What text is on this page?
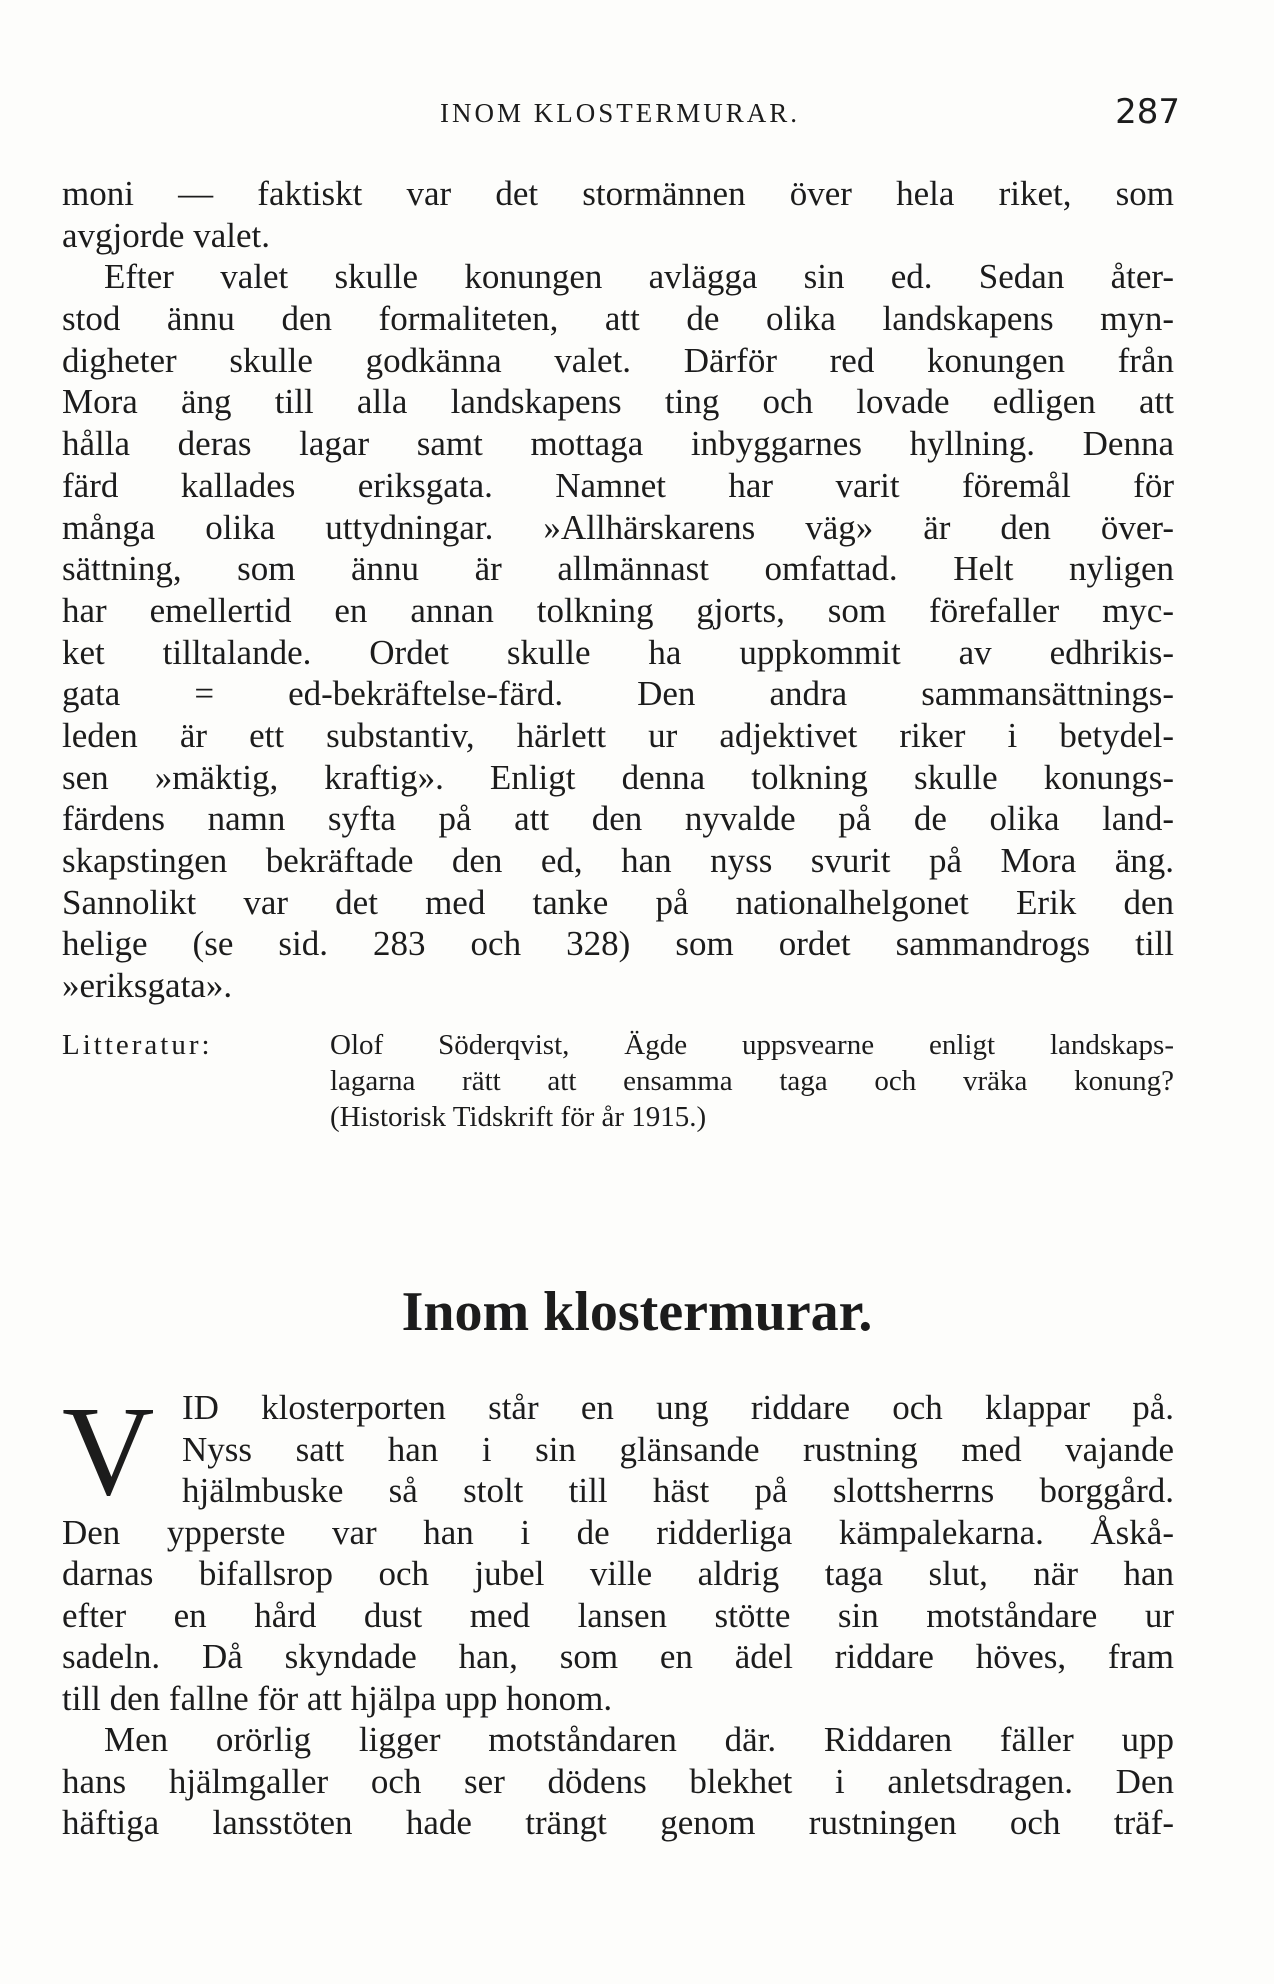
INOM KLOSTERMURAR.	287
moni — faktiskt var det stormännen över hela riket, som
avgjorde valet.
Efter valet skulle konungen avlägga sin ed. Sedan åter-
stod ännu den formaliteten, att de olika landskapens myn-
digheter skulle godkänna valet. Därför red konungen från
Mora äng till alla landskapens ting och lovade edligen att
hålla deras lagar samt mottaga inbyggarnes hyllning. Denna
färd kallades eriksgata. Namnet har varit föremål för
många olika uttydningar. »Allhärskarens väg» är den över-
sättning, som ännu är allmännast omfattad. Helt nyligen
har emellertid en annan tolkning gjorts, som förefaller myc-
ket tilltalande. Ordet skulle ha uppkommit av edhrikis-
gata = ed-bekräftelse-färd. Den andra sammansättnings-
leden är ett substantiv, härlett ur adjektivet riker i betydel-
sen »mäktig, kraftig». Enligt denna tolkning skulle konungs-
färdens namn syfta på att den nyvalde på de olika land-
skapstingen bekräftade den ed, han nyss svurit på Mora äng.
Sannolikt var det med tanke på nationalhelgonet Erik den
helige (se sid. 283 och 328) som ordet sammandrogs till
»eriksgata».
Litteratur:	Olof Söderqvist, Ägde uppsvearne enligt landskaps-
lagarna rätt att ensamma taga och vräka konung?
(Historisk Tidskrift för år 1915.)
Inom klostermurar.
V ID klosterporten står en ung riddare och klappar på.
Nyss satt han i sin glänsande rustning med vajande
hjälmbuske så stolt till häst på slottsherrns borggård.
Den ypperste var han i de ridderliga kämpalekarna. Åskå-
darnas bifallsrop och jubel ville aldrig taga slut, när han
efter en hård dust med lansen stötte sin motståndare ur
sadeln. Då skyndade han, som en ädel riddare höves, fram
till den fallne för att hjälpa upp honom.
Men orörlig ligger motståndaren där. Riddaren fäller upp
hans hjälmgaller och ser dödens blekhet i anletsdragen. Den
häftiga lansstöten hade trängt genom rustningen och träf-
